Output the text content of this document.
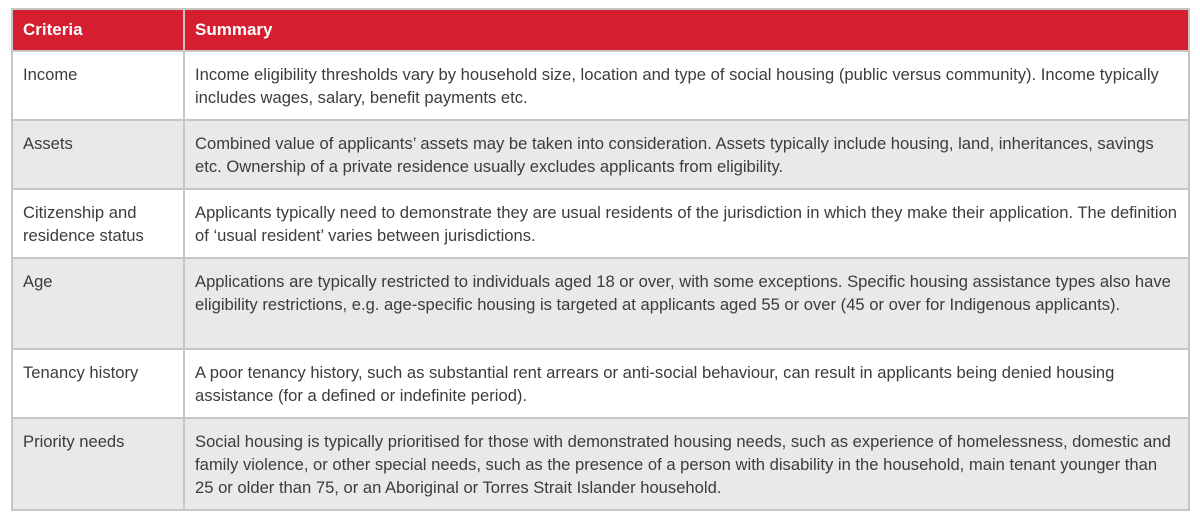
Criteria	Summary
Income	Income eligibility thresholds vary by household size, location and type of social housing (public versus community). Income typically includes wages, salary, benefit payments etc.
Assets	Combined value of applicants’ assets may be taken into consideration. Assets typically include housing, land, inheritances, savings etc. Ownership of a private residence usually excludes applicants from eligibility.
Citizenship and residence status	Applicants typically need to demonstrate they are usual residents of the jurisdiction in which they make their application. The definition of ‘usual resident’ varies between jurisdictions.
Age	Applications are typically restricted to individuals aged 18 or over, with some exceptions. Specific housing assistance types also have eligibility restrictions, e.g. age-specific housing is targeted at applicants aged 55 or over (45 or over for Indigenous applicants).
Tenancy history	A poor tenancy history, such as substantial rent arrears or anti-social behaviour, can result in applicants being denied housing assistance (for a defined or indefinite period).
Priority needs	Social housing is typically prioritised for those with demonstrated housing needs, such as experience of homelessness, domestic and family violence, or other special needs, such as the presence of a person with disability in the household, main tenant younger than 25 or older than 75, or an Aboriginal or Torres Strait Islander household.
